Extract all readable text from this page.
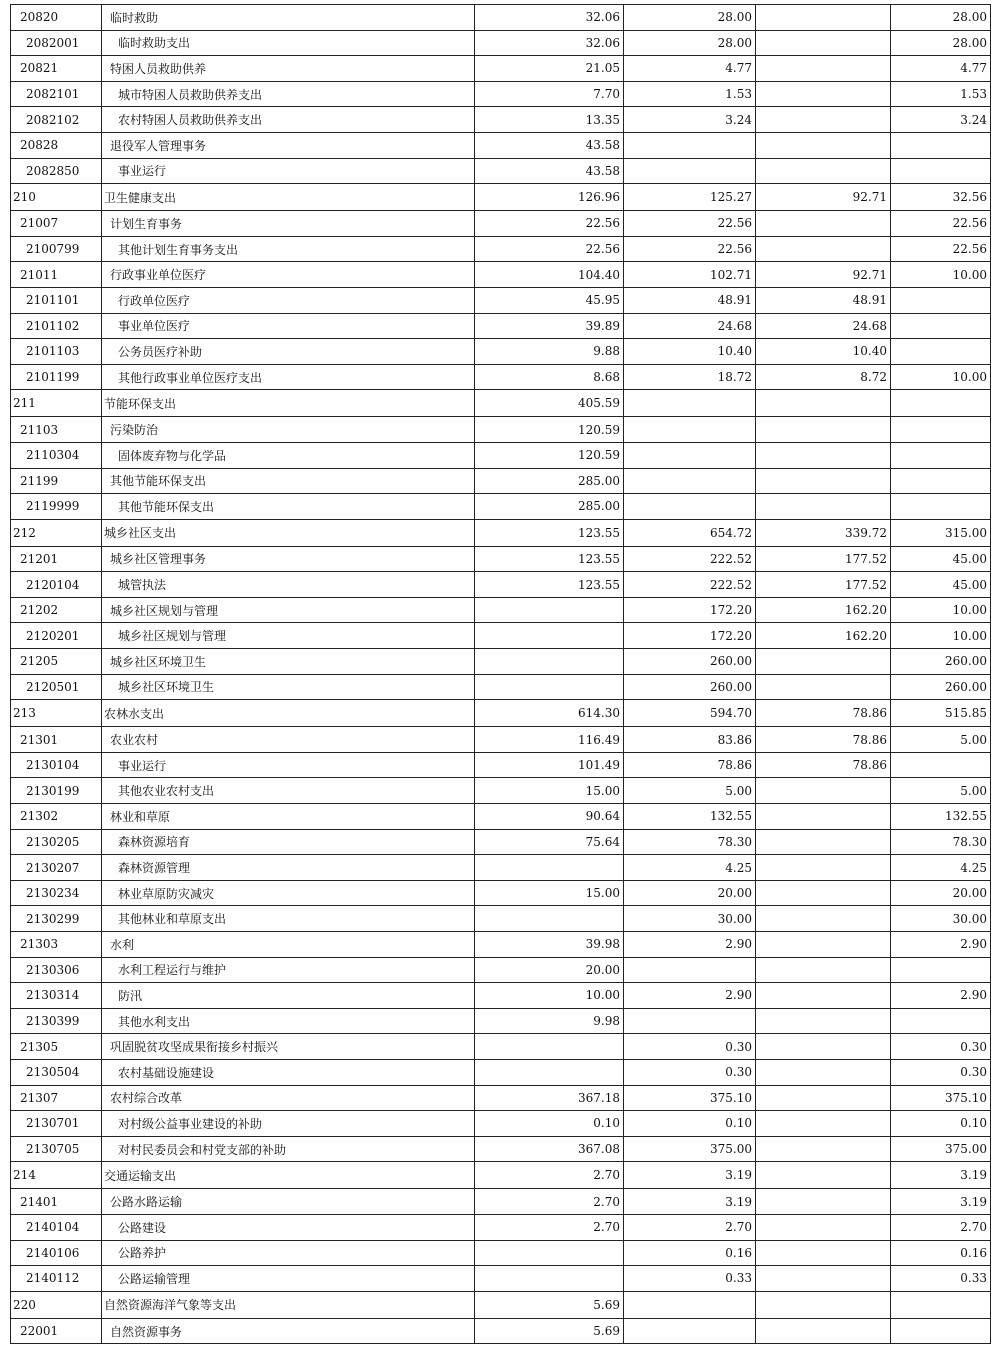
20820	临时救助	32.06	28.00		28.00
2082001	临时救助支出	32.06	28.00		28.00
20821	特困人员救助供养	21.05	4.77		4.77
2082101	城市特困人员救助供养支出	7.70	1.53		1.53
2082102	农村特困人员救助供养支出	13.35	3.24		3.24
20828	退役军人管理事务	43.58			
2082850	事业运行	43.58			
210	卫生健康支出	126.96	125.27	92.71	32.56
21007	计划生育事务	22.56	22.56		22.56
2100799	其他计划生育事务支出	22.56	22.56		22.56
21011	行政事业单位医疗	104.40	102.71	92.71	10.00
2101101	行政单位医疗	45.95	48.91	48.91	
2101102	事业单位医疗	39.89	24.68	24.68	
2101103	公务员医疗补助	9.88	10.40	10.40	
2101199	其他行政事业单位医疗支出	8.68	18.72	8.72	10.00
211	节能环保支出	405.59			
21103	污染防治	120.59			
2110304	固体废弃物与化学品	120.59			
21199	其他节能环保支出	285.00			
2119999	其他节能环保支出	285.00			
212	城乡社区支出	123.55	654.72	339.72	315.00
21201	城乡社区管理事务	123.55	222.52	177.52	45.00
2120104	城管执法	123.55	222.52	177.52	45.00
21202	城乡社区规划与管理		172.20	162.20	10.00
2120201	城乡社区规划与管理		172.20	162.20	10.00
21205	城乡社区环境卫生		260.00		260.00
2120501	城乡社区环境卫生		260.00		260.00
213	农林水支出	614.30	594.70	78.86	515.85
21301	农业农村	116.49	83.86	78.86	5.00
2130104	事业运行	101.49	78.86	78.86	
2130199	其他农业农村支出	15.00	5.00		5.00
21302	林业和草原	90.64	132.55		132.55
2130205	森林资源培育	75.64	78.30		78.30
2130207	森林资源管理		4.25		4.25
2130234	林业草原防灾减灾	15.00	20.00		20.00
2130299	其他林业和草原支出		30.00		30.00
21303	水利	39.98	2.90		2.90
2130306	水利工程运行与维护	20.00			
2130314	防汛	10.00	2.90		2.90
2130399	其他水利支出	9.98			
21305	巩固脱贫攻坚成果衔接乡村振兴		0.30		0.30
2130504	农村基础设施建设		0.30		0.30
21307	农村综合改革	367.18	375.10		375.10
2130701	对村级公益事业建设的补助	0.10	0.10		0.10
2130705	对村民委员会和村党支部的补助	367.08	375.00		375.00
214	交通运输支出	2.70	3.19		3.19
21401	公路水路运输	2.70	3.19		3.19
2140104	公路建设	2.70	2.70		2.70
2140106	公路养护		0.16		0.16
2140112	公路运输管理		0.33		0.33
220	自然资源海洋气象等支出	5.69			
22001	自然资源事务	5.69			
